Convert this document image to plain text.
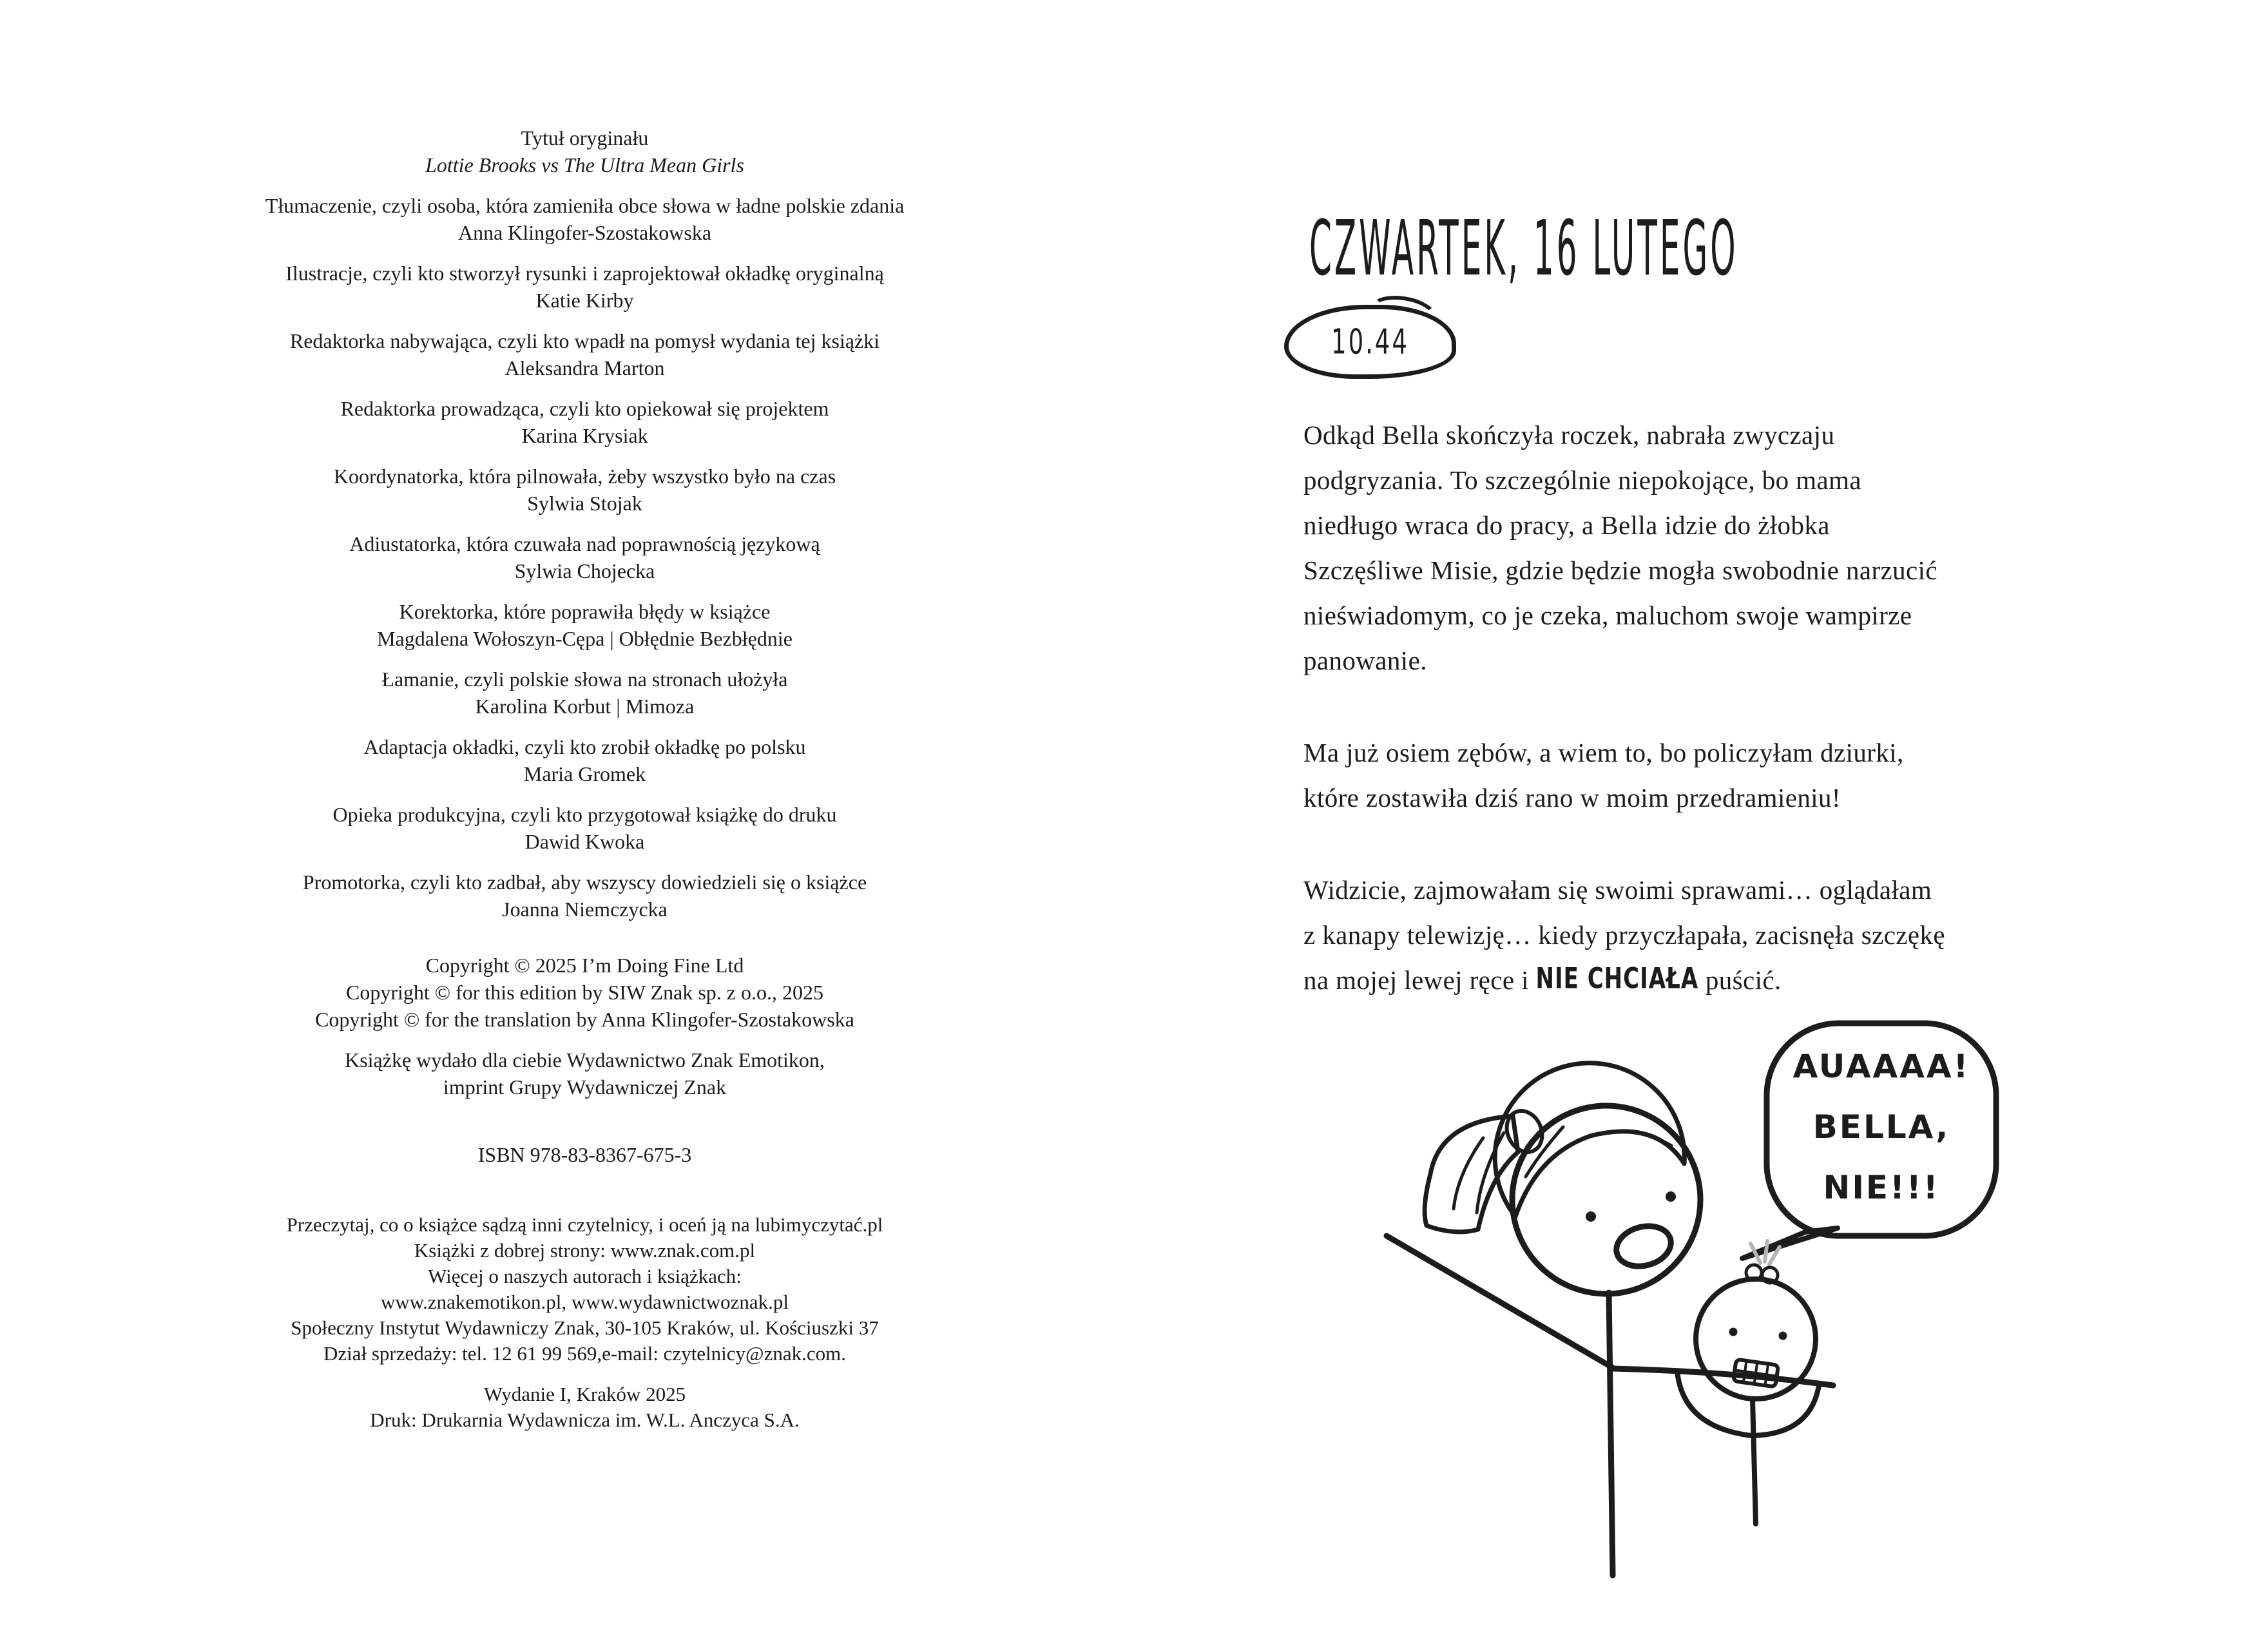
Tytuł oryginału
Lottie Brooks vs The Ultra Mean Girls
Tłumaczenie, czyli osoba, która zamieniła obce słowa w ładne polskie zdania
Anna Klingofer-Szostakowska
Ilustracje, czyli kto stworzył rysunki i zaprojektował okładkę oryginalną
Katie Kirby
Redaktorka nabywająca, czyli kto wpadł na pomysł wydania tej książki
Aleksandra Marton
Redaktorka prowadząca, czyli kto opiekował się projektem
Karina Krysiak
Koordynatorka, która pilnowała, żeby wszystko było na czas
Sylwia Stojak
Adiustatorka, która czuwała nad poprawnością językową
Sylwia Chojecka
Korektorka, które poprawiła błędy w książce
Magdalena Wołoszyn-Cępa | Obłędnie Bezbłędnie
Łamanie, czyli polskie słowa na stronach ułożyła
Karolina Korbut | Mimoza
Adaptacja okładki, czyli kto zrobił okładkę po polsku
Maria Gromek
Opieka produkcyjna, czyli kto przygotował książkę do druku
Dawid Kwoka
Promotorka, czyli kto zadbał, aby wszyscy dowiedzieli się o książce
Joanna Niemczycka
Copyright © 2025 I’m Doing Fine Ltd
Copyright © for this edition by SIW Znak sp. z o.o., 2025
Copyright © for the translation by Anna Klingofer-Szostakowska
Książkę wydało dla ciebie Wydawnictwo Znak Emotikon,
imprint Grupy Wydawniczej Znak
ISBN 978-83-8367-675-3
Przeczytaj, co o książce sądzą inni czytelnicy, i oceń ją na lubimyczytać.pl
Książki z dobrej strony: www.znak.com.pl
Więcej o naszych autorach i książkach:
www.znakemotikon.pl, www.wydawnictwoznak.pl
Społeczny Instytut Wydawniczy Znak, 30-105 Kraków, ul. Kościuszki 37
Dział sprzedaży: tel. 12 61 99 569,e-mail: czytelnicy@znak.com.
Wydanie I, Kraków 2025
Druk: Drukarnia Wydawnicza im. W.L. Anczyca S.A.
CZWARTEK, 16 LUTEGO
10.44
Odkąd Bella skończyła roczek, nabrała zwyczaju
podgryzania. To szczególnie niepokojące, bo mama
niedługo wraca do pracy, a Bella idzie do żłobka
Szczęśliwe Misie, gdzie będzie mogła swobodnie narzucić
nieświadomym, co je czeka, maluchom swoje wampirze
panowanie.
Ma już osiem zębów, a wiem to, bo policzyłam dziurki,
które zostawiła dziś rano w moim przedramieniu!
Widzicie, zajmowałam się swoimi sprawami… oglądałam
z kanapy telewizję… kiedy przyczłapała, zacisnęła szczękę
na mojej lewej ręce i NIE CHCIAŁA puścić.
AUAAAA!
BELLA,
NIE!!!
